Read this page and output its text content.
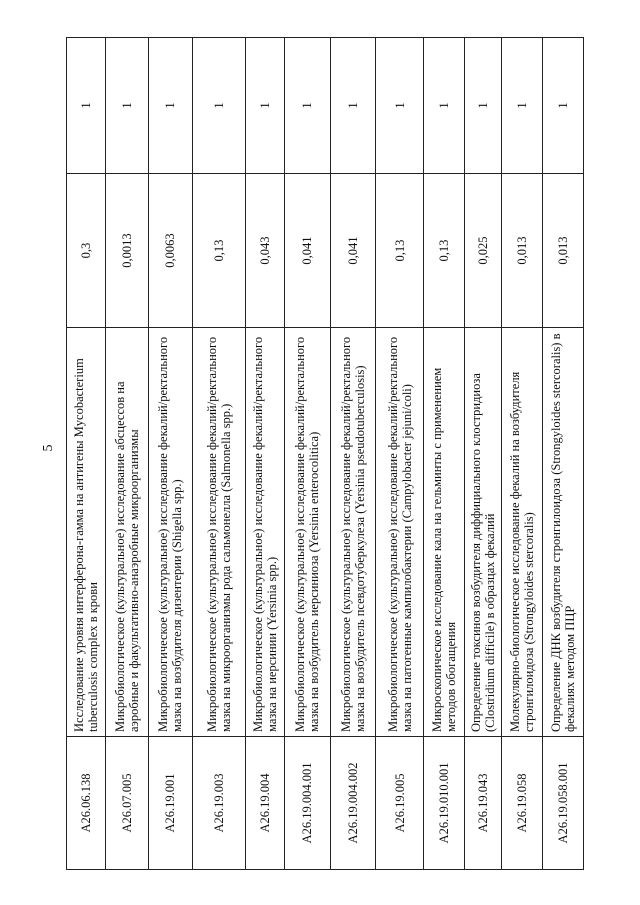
5
A26.06.138	Исследование уровня интерферона-гамма на антигены Mycobacterium tuberculosis complex в крови	0,3	1
A26.07.005	Микробиологическое (культуральное) исследование абсцессов на аэробные и факультативно-анаэробные микроорганизмы	0,0013	1
A26.19.001	Микробиологическое (культуральное) исследование фекалий/ректального мазка на возбудителя дизентерии (Shigella spp.)	0,0063	1
A26.19.003	Микробиологическое (культуральное) исследование фекалий/ректального мазка на микроорганизмы рода сальмонелла (Salmonella spp.)	0,13	1
A26.19.004	Микробиологическое (культуральное) исследование фекалий/ректального мазка на иерсинии (Yersinia spp.)	0,043	1
A26.19.004.001	Микробиологическое (культуральное) исследование фекалий/ректального мазка на возбудитель иерсиниоза (Yersinia enterocolitica)	0,041	1
A26.19.004.002	Микробиологическое (культуральное) исследование фекалий/ректального мазка на возбудитель псевдотуберкулеза (Yersinia pseudotuberculosis)	0,041	1
A26.19.005	Микробиологическое (культуральное) исследование фекалий/ректального мазка на патогенные кампилобактерии (Campylobacter jejuni/coli)	0,13	1
A26.19.010.001	Микроскопическое исследование кала на гельминты с применением методов обогащения	0,13	1
A26.19.043	Определение токсинов возбудителя диффициального клостридиоза (Clostridium difficile) в образцах фекалий	0,025	1
A26.19.058	Молекулярно-биологическое исследование фекалий на возбудителя стронгилоидоза (Strongyloides stercoralis)	0,013	1
A26.19.058.001	Определение ДНК возбудителя стронгилоидоза (Strongyloides stercoralis) в фекалиях методом ПЦР	0,013	1
